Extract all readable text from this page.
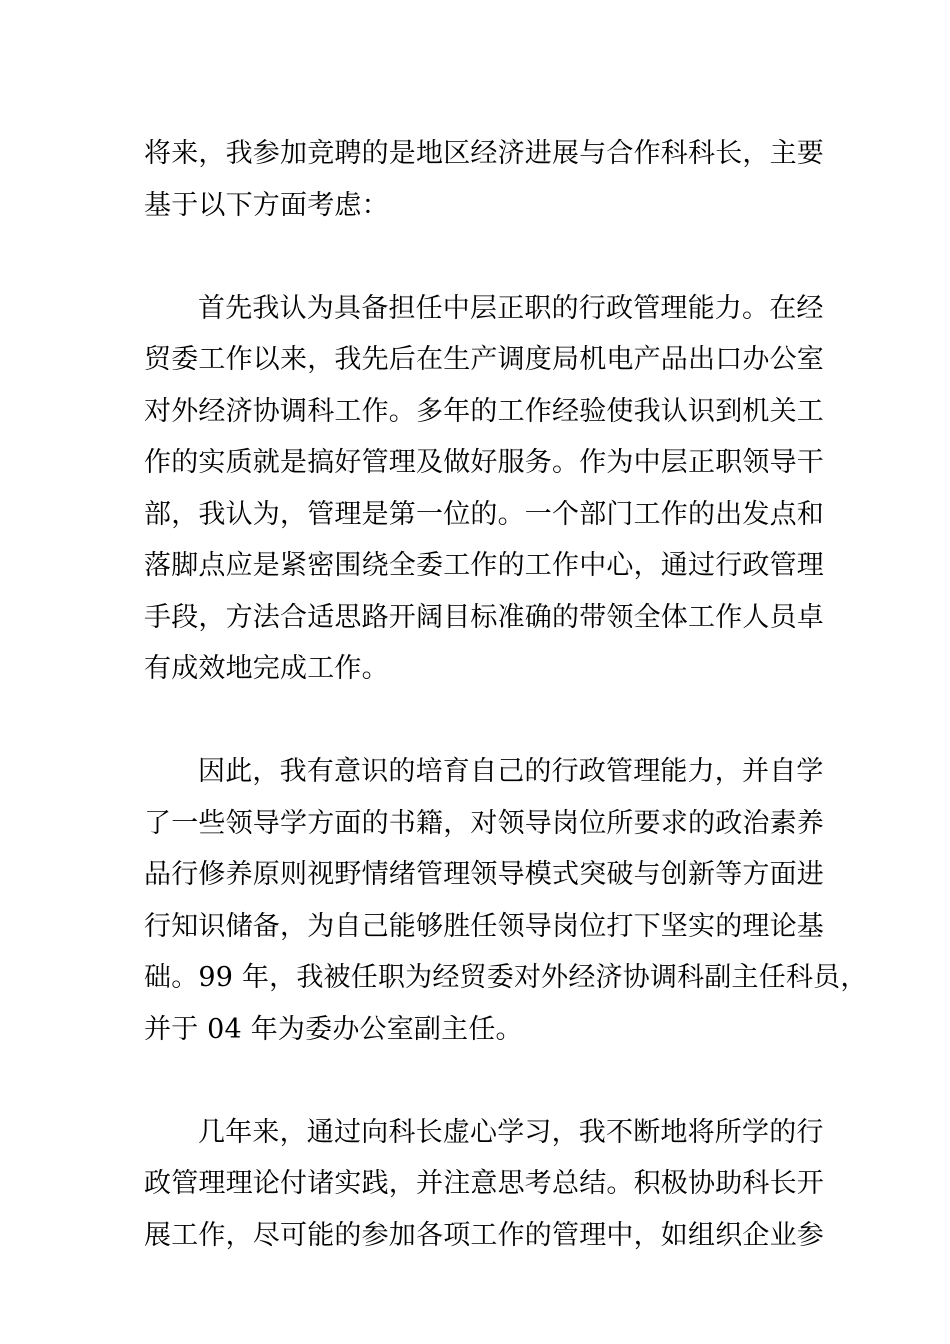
将来，我参加竞聘的是地区经济进展与合作科科长，主要
基于以下方面考虑：

首先我认为具备担任中层正职的行政管理能力。在经
贸委工作以来，我先后在生产调度局机电产品出口办公室
对外经济协调科工作。多年的工作经验使我认识到机关工
作的实质就是搞好管理及做好服务。作为中层正职领导干
部，我认为，管理是第一位的。一个部门工作的出发点和
落脚点应是紧密围绕全委工作的工作中心，通过行政管理
手段，方法合适思路开阔目标准确的带领全体工作人员卓
有成效地完成工作。

因此，我有意识的培育自己的行政管理能力，并自学
了一些领导学方面的书籍，对领导岗位所要求的政治素养
品行修养原则视野情绪管理领导模式突破与创新等方面进
行知识储备，为自己能够胜任领导岗位打下坚实的理论基
础。99 年，我被任职为经贸委对外经济协调科副主任科员，
并于 04 年为委办公室副主任。

几年来，通过向科长虚心学习，我不断地将所学的行
政管理理论付诸实践，并注意思考总结。积极协助科长开
展工作，尽可能的参加各项工作的管理中，如组织企业参
